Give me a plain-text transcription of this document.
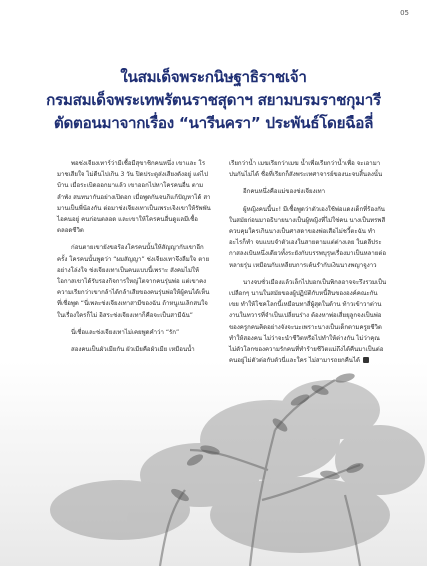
05
ในสมเด็จพระกนิษฐาธิราชเจ้า
กรมสมเด็จพระเทพรัตนราชสุดาฯ สยามบรมราชกุมารี
ตัดตอนมาจากเรื่อง “นารีนครา” ประพันธ์โดยฉือลี่

พอช่งเจียงเทาร์ว่ามีเชื้อมีสุขาชิกคนหนึ่ง เขาและ โรมาชเสียใจ ไม่ดีนไปเกิน 3 วัน ปิดประตูส่งเสียงดังอยู่ แต่ไปบ้าน เมื่อระเบิดออกมาแล้ว เขาออกไปหาโครคนอื่น ตามลำพัง สนทนากันอย่างเปิดอก เมื่อพูดกันจนกิแก้ปัญหาได้ สามานเป็นพี่น้องกัน ต่อมาช่งเจียงเทาเป็นเพระเจิงเขาให้รัพพันไอคนอยู่ คนก่อนตลอด และเขาให้โครคนอื่นดูแลมีเชื้อตลอดชีวิต

ก่อนตายเขายังขอร้องโครคนนั้นให้สัญญากับเขาอีกครั้ง โครคนนั้นพูดว่า “ผมสัญญา” ช่งเจียงเทาจึงลืมใจ ตายอย่างโล่งใจ ช่งเจียงเทาเป็นคนแบบนี้เพราะ สังคมไม่ให้โอกาสเขาได้รับรองกิจการใหญ่โตจากคนรุ่นพ่อ แต่เขาคงความเรียกว่าเขากล้าได้กล้าเสียของคนรุ่นพ่อให้ผู้คนได้เห็นที่เชื่อพูด “นี่เพละช่งเจียงเทาสามีของฉัน ถ้าหนูเนเลิกสนใจในเรื่องใครก็ไม่ อิสระช่งเจียงเทาก็คือจะเป็นสามีฉัน”

นี่เชื่อและช่งเจียงเทาไม่เคยพูดคำว่า “รัก”

สองคนเป็นผัวเมียกัน ผัวเมียคือผัวเมีย เหมือนน้ำ

เรียกว่าน้ำ เมฆเรียกว่าเมฆ น้ำเพื่อเรียกว่าน้ำเพื่อ จะเอามาปนกันไม่ได้ ชื่อที่เรียกก็สังพระเทศาจารย์ของนะจบสิ้นลงนั้น

อีกคนหนึ่งคือแม่ของช่งเจียงเทา

ผู้หญิงคนนี้นะ! มีเชื้อพูดว่าตัวเองใช้พ่อแดงเด็กที่ร้องกันในสมัยก่อนมาอธิบายนางเป็นผู้หญิงที่ไม่ใช่คน นางเป็นทรพสีควบคุมใครเกินนางเป็นศาสดาของพ่อเสือไม่ชวี้ตะฉัน ทำอะไรก็ทำ จบแบบจำตัวเองในสายตามแต่ต่างเลย ในดลีประกาสลงเป้นหนึ่งเดียวทั้งระยังกับบรรพบุรุษเรื่องมาเป็นหลายต่อหลายรุ่น เหมือนกับเหลียบการเต้นรำกับเงินนางพญาจูงาว

นางจบชั่วเมืองแล้วเล็กไปบอกเป็นพิกลอาจจะรึงรวมเป็นเปลือกๆ นานในสมัยของผู้ปฏิบัติกับหนี้สินขององค์คณะกันเขย ทำให้โชคโลกนี้เหมือนทาสี่ผู้สุดในด้าน ท้าวเข้าวาต่านงานในทวารที่จำเป็นเปลี่ยนร่าง ต้องหาพ่อเสี่ยยุลูกจงเป็นพ่อของครูกคนคิดอย่างจังจะนะเพราะนางเป็นเด็กตามครูยชีวิตทำให้สองคน ไม่ว่าจะนำชีวิตหรือไปทำให้ต่างกัน ไม่ว่าคุณไม่ตัวโลกของความรักคนที่ทำร้ายชีวิตแม่ถึงได้คืนมาเป็นต่อคนอยู่ไม่ตัวต่อกับตัวนี่และใคร ไม่สามารถยกคืนได้
